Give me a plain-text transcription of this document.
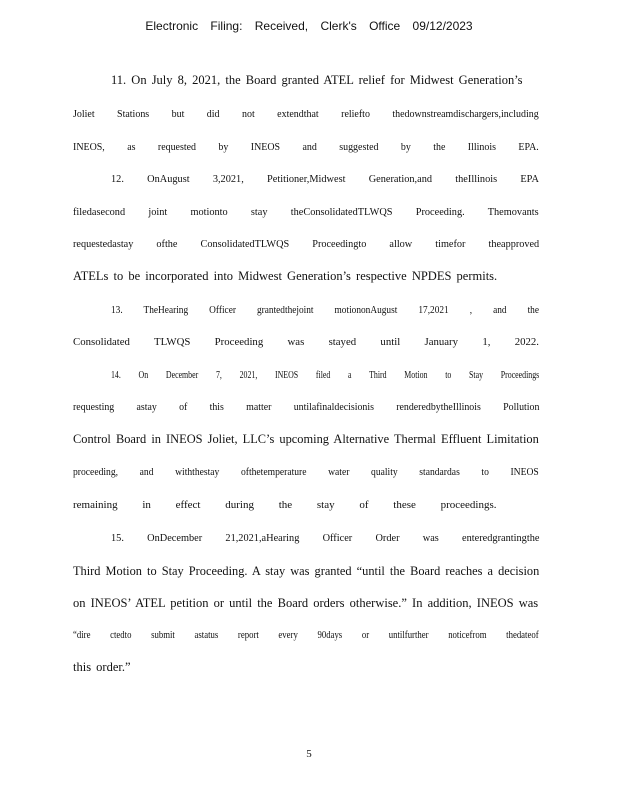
Electronic Filing: Received, Clerk's Office 09/12/2023
11. On July 8, 2021, the Board granted ATEL relief for Midwest Generation’s
Joliet Stations but did not extendthat reliefto thedownstreamdischargers,including
INEOS, as requested by INEOS and suggested by the Illinois EPA.
12. OnAugust 3,2021, Petitioner,Midwest Generation,and theIllinois EPA
filedasecond joint motionto stay theConsolidatedTLWQS Proceeding. Themovants
requestedastay ofthe ConsolidatedTLWQS Proceedingto allow timefor theapproved
ATELs to be incorporated into Midwest Generation’s respective NPDES permits.
13. TheHearing Officer grantedthejoint motiononAugust 17,2021 , and the
Consolidated TLWQS Proceeding was stayed until January 1, 2022.
14. On December 7, 2021, INEOS filed a Third Motion to Stay Proceedings
requesting astay of this matter untilafinaldecisionis renderedbytheIllinois Pollution
Control Board in INEOS Joliet, LLC’s upcoming Alternative Thermal Effluent Limitation
proceeding, and withthestay ofthetemperature water quality standardas to INEOS
remaining in effect during the stay of these proceedings.
15. OnDecember 21,2021,aHearing Officer Order was enteredgrantingthe
Third Motion to Stay Proceeding. A stay was granted “until the Board reaches a decision
on INEOS’ ATEL petition or until the Board orders otherwise.” In addition, INEOS was
“dire ctedto submit astatus report every 90days or untilfurther noticefrom thedateof
this order.”
5
